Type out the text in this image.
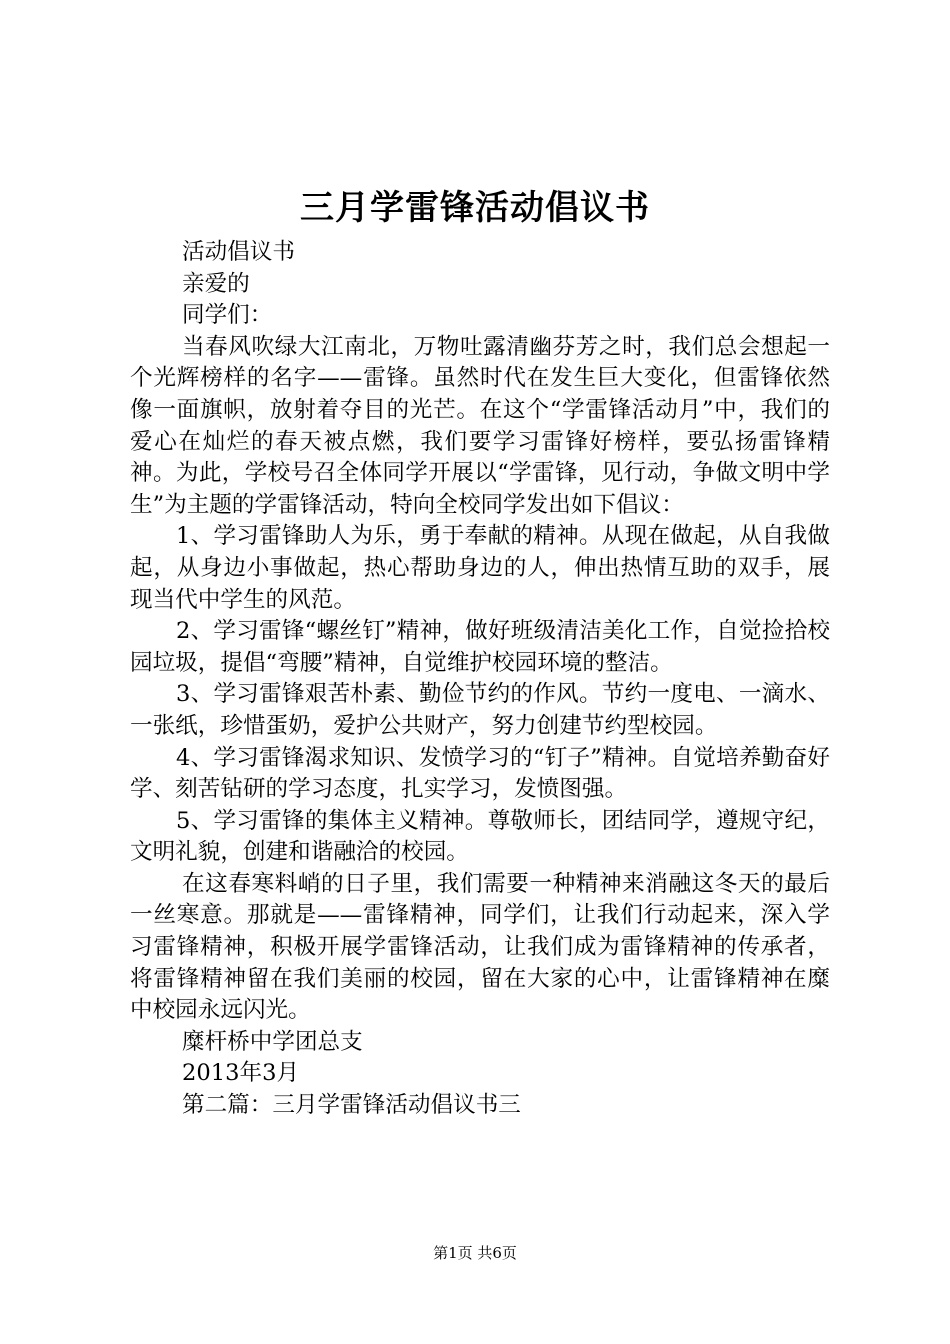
三月学雷锋活动倡议书
活动倡议书
亲爱的
同学们：
当春风吹绿大江南北，万物吐露清幽芬芳之时，我们总会想起一个光辉榜样的名字——雷锋。虽然时代在发生巨大变化，但雷锋依然像一面旗帜，放射着夺目的光芒。在这个“学雷锋活动月”中，我们的爱心在灿烂的春天被点燃，我们要学习雷锋好榜样，要弘扬雷锋精神。为此，学校号召全体同学开展以“学雷锋，见行动，争做文明中学生”为主题的学雷锋活动，特向全校同学发出如下倡议：
1、学习雷锋助人为乐，勇于奉献的精神。从现在做起，从自我做起，从身边小事做起，热心帮助身边的人，伸出热情互助的双手，展现当代中学生的风范。
2、学习雷锋“螺丝钉”精神，做好班级清洁美化工作，自觉捡拾校园垃圾，提倡“弯腰”精神，自觉维护校园环境的整洁。
3、学习雷锋艰苦朴素、勤俭节约的作风。节约一度电、一滴水、一张纸，珍惜蛋奶，爱护公共财产，努力创建节约型校园。
4、学习雷锋渴求知识、发愤学习的“钉子”精神。自觉培养勤奋好学、刻苦钻研的学习态度，扎实学习，发愤图强。
5、学习雷锋的集体主义精神。尊敬师长，团结同学，遵规守纪，文明礼貌，创建和谐融洽的校园。
在这春寒料峭的日子里，我们需要一种精神来消融这冬天的最后一丝寒意。那就是——雷锋精神，同学们，让我们行动起来，深入学习雷锋精神，积极开展学雷锋活动，让我们成为雷锋精神的传承者，将雷锋精神留在我们美丽的校园，留在大家的心中，让雷锋精神在糜中校园永远闪光。
糜杆桥中学团总支
2013年3月
第二篇：三月学雷锋活动倡议书三
第1页 共6页
